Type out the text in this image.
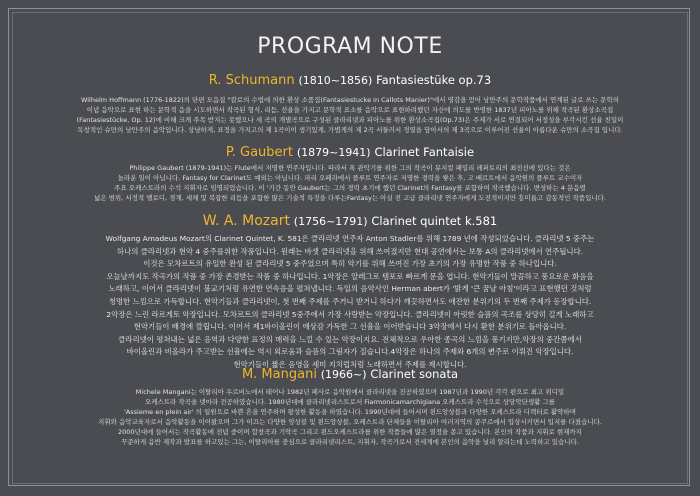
PROGRAM NOTE
R. Schumann (1810~1856) Fantasiestüke op.73
Wilhelm Hoffmann (1776-1822)의 단편 모음집 "칼로의 수법에 의한 환상 소품집(Fantasiestucke in Callots Manier)"에서 영감을 얻어 낭만주의 문학작품에서 연계된 글로 쓰는 문학의
이념 음악으로 표현 하는 문학적 음을 시도하면서 작곡된 형식, 리듬, 선율을 가지고 문학적 요소를 음악으로 표현하려했던 자신에 의도를 반영한 1837년 피아노를 위해 작곡된 환상소곡집
(Fantasiestücke, Op. 12)에 비해 크게 주목 받지는 못했으나 세 곡의 개별곡으로 구성된 클라리넷과 피아노를 위한 환상소곡집(Op.73)은 주제가 서로 연결되어 서정성을 부각시킨 선율 친밀이
독창적인 슈만의 낭만주의 음악입니다. 상냥하게, 표정을 가지고의 제 1곡이이 생기있게, 가볍게의 제 2곡 서둘러서 정열을 담아서의 제 3곡으로 이루어진 선율이 아름다운 슈만의 소곡집 입니다.
P. Gaubert (1879~1941) Clarinet Fantaisie
Philippe Gaubert (1879-1941)는 Flute에서 저명한 연주자입니다. 따라서 폭 관악기를 위한 그의 작곡이 뮤지컬 패밀리 레퍼토리의 최전선에 있다는 것은
놀라운 일이 아닙니다. Fantasy for Clarinet도 예외는 아닙니다. 파리 오페라에서 플루트 연주자로 저명한 경력을 쌓은 후, 고 베르트에서 음악원의 플루트 교수이자
주요 오케스트라의 수석 지휘자로 임명되었습니다. 이 '기간 동안 Gaubert는 그의 경력 초기에 했던 Clarinet의 Fantasy를 포함하여 작곡했습니다. 변성하는 4 분음렬
넓은 범위, 서정적 멜로디, 경계, 섀체 및 복잡한 리듬을 포함한 많은 기술적 특징을 다루는Fantasy는 아실 전 고급 클라리넷 연주자에게 도전적이지만 흥미롭고 감동적인 작품입니다.
W. A. Mozart (1756~1791) Clarinet quintet k.581
Wolfgang Amadeus Mozart의 Clarinet Quintet, K. 581은 클라리넷 연주자 Anton Stadler를 위해 1789 년에 작성되었습니다. 클라리넷 5 중주는
하나의 클라리넷과 현악 4 중주를위한 작품입니다. 원래는 바셋 클라리넷을 위해 쓰여졌지만 현대 공연에서는 보통 A의 클라리넷에서 연주됩니다.
이것은 모차르트의 유일한 완성 된 클라리넷 5 중주였으며 특히 악기를 위해 쓰여진 가장 초기의 가장 유명한 작품 중 하나입니다.
오늘날까지도 작곡가의 작품 중 가장 존경받는 작품 중 하나입니다. 1악장은 알레그로 템포로 빠르게 문을 엽니다. 현악기들이 말끔하고 풍요로운 화음을
노래하고, 이어서 클라리넷이 불교기처럼 유연한 연속음을 펼쳐냅니다. 독일의 음악사인 Herman abert가 '밝게 '큰 꿈날 아침'이라고 표현했던 것처럼
청명한 느낌으로 가득합니다. 현악기들과 클라리넷이, 첫 번째 주제를 주거니 받거니 하다가 깨끗하면서도 애잔한 분위기의 두 번째 주제가 등장합니다.
2악장은 느린 라르게토 악장입니다. 모차르트의 클라리넷 5중주에서 가장 사랑받는 악장입니다. 클라리넷이 아릿한 슬픔의 곡조를 상당히 길게 노래하고
현악기들이 배경에 깔립니다. 이어서 제1바이올린이 애상감 가득한 그 선율을 이어받습니다 3악장에서 다시 환한 분위기로 돌아옵니다.
클라리넷이 평쳐내는 넓은 음역과 다양한 표정의 매력을 느낄 수 있는 악장이지요. 전체적으로 우아한 종곡의 느낌을 풍기지만,악장의 중간쯤에서
바이올린과 비올라가 주고받는 선율에는 역시 외로움과 슬픔의 그림자가 질습니다.4악장은 하나의 주제와 6개의 변주로 이뤄진 악장입니다.
현악기들이 짧은 음영을 세미 지치럽처럼 노래하면서 주제를 제시합니다.
M. Mangani (1966~) Clarinet sonata
Michele Mangani는 이탈리아 우르비노에서 태어나 1982년 페사로 음악원에서 클라리넷을 전공하였으며 1987년과 1990년 각각 편으로 최고 위디밀
오케스트라 작곡을 넷마라 전공하였습니다. 1980년대에 클라리넷리스트로서 Fiarmonicamarchigiana 오케스트라 수석으로 상당악단생활 그를
'Assieme en plein air' 의 일원으로 바쁜 흔을 연주하며 왕성한 활동을 하였습니다. 1990년대에 들어서며 윈드앙상블과 다양한 오케스트라 디렉터로 활약하며
지휘와 음악교육자로서 음악활동을 이어왔으며 그가 이끄는 다양한 앙상블 및 윈드앙상블, 오케스트라 단체들을 이탈리아 여러지역의 콩쿠르에서 입상시키면서 입지를 다졌습니다.
2000년대에 들어서는 작곡활동에 전념 중이며 합창곡과 기악곡 그리고 윈드오케스트라를 위한 작품들에 많은 열정을 쏟고 있습니다. 본인의 작품과 지휘로 현재까지
꾸준하게 음반 제작과 발표를 하고있는 그는, 이탈리아를 중심으로 클라리넷리스트, 지휘자, 작곡가로서 전세계에 본인의 음악을 널리 알리는데 노력하고 있습니다.
